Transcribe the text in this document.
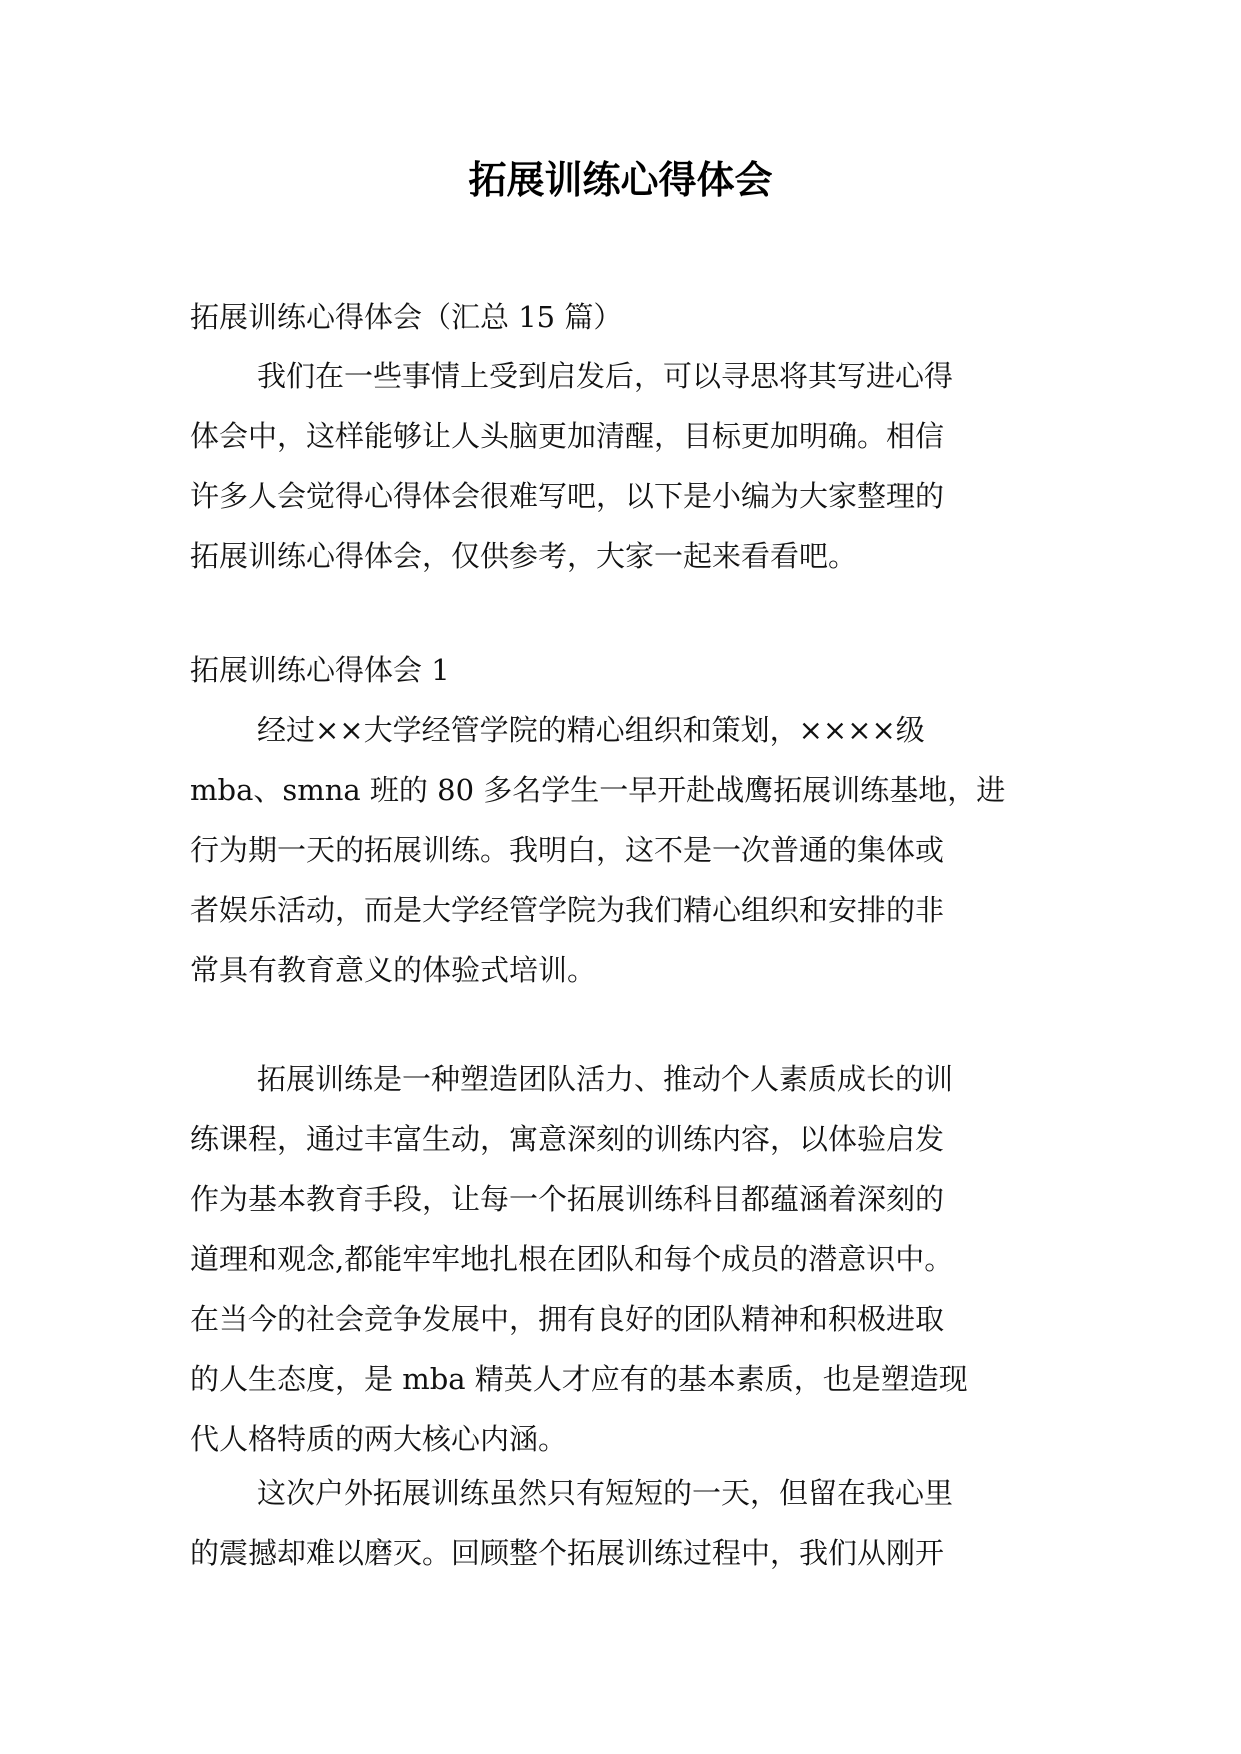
拓展训练心得体会

拓展训练心得体会（汇总 15 篇）

我们在一些事情上受到启发后，可以寻思将其写进心得
体会中，这样能够让人头脑更加清醒，目标更加明确。相信
许多人会觉得心得体会很难写吧，以下是小编为大家整理的
拓展训练心得体会，仅供参考，大家一起来看看吧。

拓展训练心得体会 1

经过××大学经管学院的精心组织和策划，××××级
mba、smna 班的 80 多名学生一早开赴战鹰拓展训练基地，进
行为期一天的拓展训练。我明白，这不是一次普通的集体或
者娱乐活动，而是大学经管学院为我们精心组织和安排的非
常具有教育意义的体验式培训。
拓展训练是一种塑造团队活力、推动个人素质成长的训
练课程，通过丰富生动，寓意深刻的训练内容，以体验启发
作为基本教育手段，让每一个拓展训练科目都蕴涵着深刻的
道理和观念,都能牢牢地扎根在团队和每个成员的潜意识中。
在当今的社会竞争发展中，拥有良好的团队精神和积极进取
的人生态度，是 mba 精英人才应有的基本素质，也是塑造现
代人格特质的两大核心内涵。
这次户外拓展训练虽然只有短短的一天，但留在我心里
的震撼却难以磨灭。回顾整个拓展训练过程中，我们从刚开
